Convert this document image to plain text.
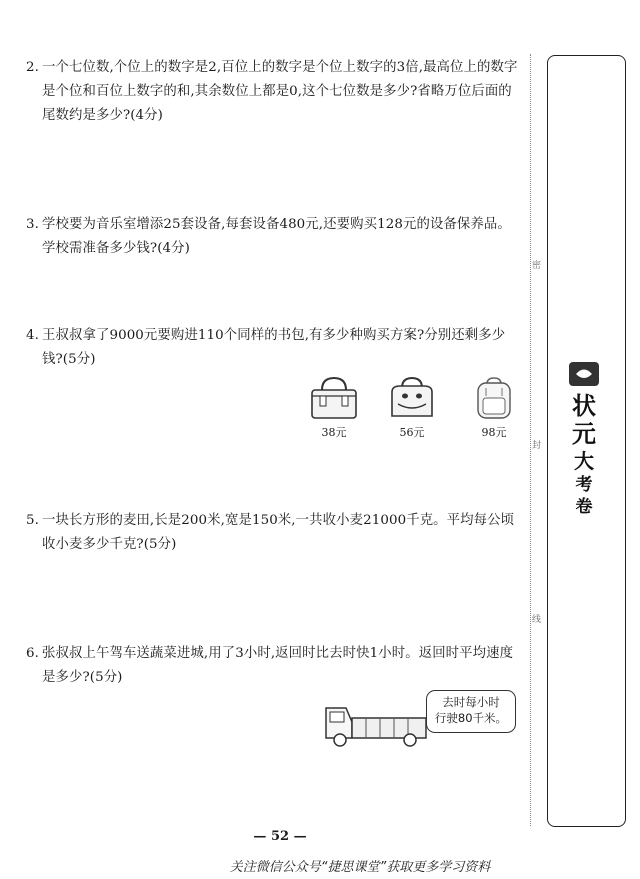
2. 一个七位数,个位上的数字是2,百位上的数字是个位上数字的3倍,最高位上的数字

是个位和百位上数字的和,其余数位上都是0,这个七位数是多少?省略万位后面的

尾数约是多少?(4分)

3. 学校要为音乐室增添25套设备,每套设备480元,还要购买128元的设备保养品。

学校需准备多少钱?(4分)

4. 王叔叔拿了9000元要购进110个同样的书包,有多少种购买方案?分别还剩多少

钱?(5分)

38元	56元	98元

5. 一块长方形的麦田,长是200米,宽是150米,一共收小麦21000千克。平均每公顷

收小麦多少千克?(5分)

6. 张叔叔上午驾车送蔬菜进城,用了3小时,返回时比去时快1小时。返回时平均速度

是多少?(5分)

去时每小时
行驶80千米。
密
封
线
状
元
大
考
卷
— 52 —
关注微信公众号“捷思课堂”获取更多学习资料
